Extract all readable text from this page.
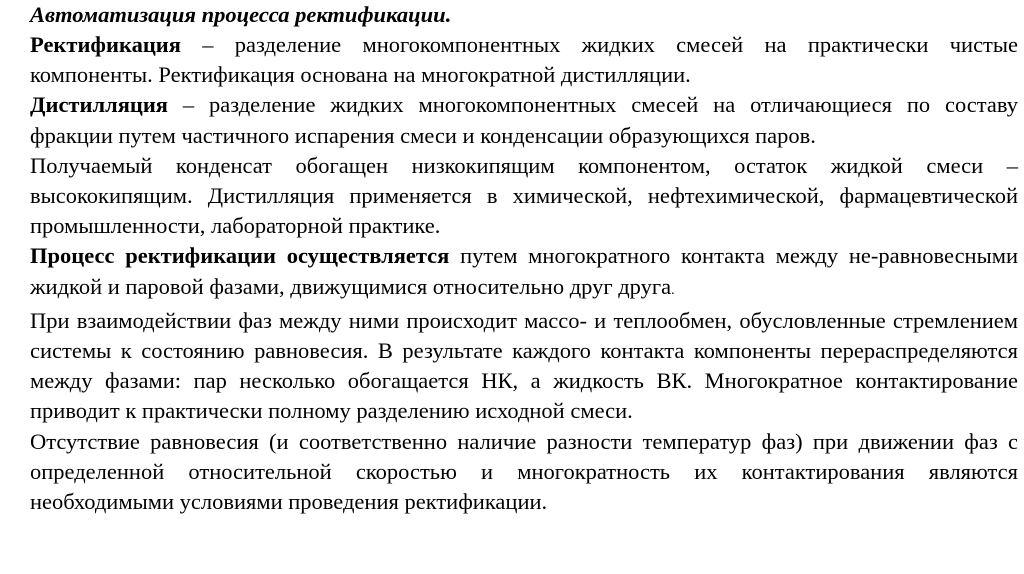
Автоматизация процесса ректификации.

Ректификация – разделение многокомпонентных жидких смесей на практически чистые компоненты. Ректификация основана на многократной дистилляции.

Дистилляция – разделение жидких многокомпонентных смесей на отличающиеся по составу фракции путем частичного испарения смеси и конденсации образующихся паров.

Получаемый конденсат обогащен низкокипящим компонентом, остаток жидкой смеси – высококипящим. Дистилляция применяется в химической, нефтехимической, фармацевтической промышленности, лабораторной практике.

Процесс ректификации осуществляется путем многократного контакта между не-равновесными жидкой и паровой фазами, движущимися относительно друг друга.

При взаимодействии фаз между ними происходит массо- и теплообмен, обусловленные стремлением системы к состоянию равновесия. В результате каждого контакта компоненты перераспределяются между фазами: пар несколько обогащается НК, а жидкость ВК. Многократное контактирование приводит к практически полному разделению исходной смеси.

Отсутствие равновесия (и соответственно наличие разности температур фаз) при движении фаз с определенной относительной скоростью и многократность их контактирования являются необходимыми условиями проведения ректификации.
